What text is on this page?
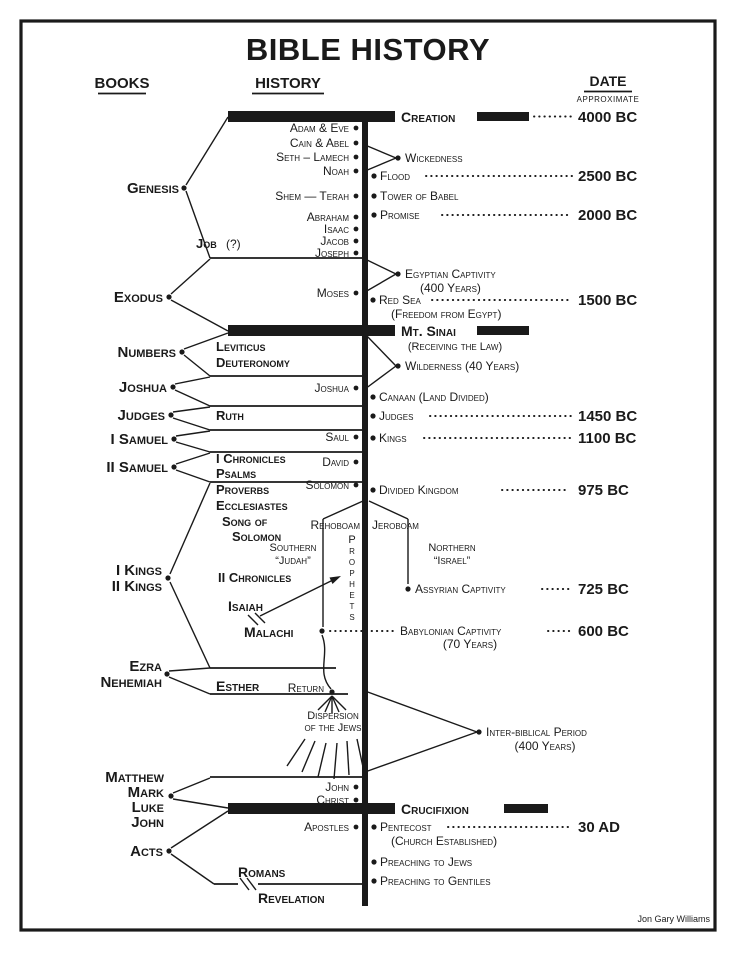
BIBLE HISTORY
BOOKS	HISTORY	DATE
APPROXIMATE
Creation	4000 BC
Mt. Sinai
(Receiving the Law)
Crucifixion
Genesis
Exodus
Numbers
Joshua
Judges
I Samuel
II Samuel
I Kings
II Kings
Ezra
Nehemiah
Matthew
Mark
Luke
John
Acts
Job (?)
Leviticus
Deuteronomy
Ruth
I Chronicles
Psalms
Proverbs
Ecclesiastes
Song of
Solomon
II Chronicles
Isaiah
Malachi
Esther
Romans
Revelation
Adam & Eve
Cain & Abel
Seth – Lamech
Noah
Shem — Terah
Abraham
Isaac
Jacob
Joseph
Moses
Joshua
Saul
David
Solomon
John
Christ
Apostles
Rehoboam Jeroboam
Southern
“Judah”
Northern
“Israel”
P r o p h e t s
Return
Dispersion
of the Jews
Wickedness
Flood	2500 BC
Tower of Babel
Promise	2000 BC
Egyptian Captivity
(400 Years)
Red Sea	1500 BC
(Freedom from Egypt)
Wilderness (40 Years)
Canaan (Land Divided)
Judges	1450 BC
Kings	1100 BC
Divided Kingdom	975 BC
Assyrian Captivity	725 BC
Babylonian Captivity	600 BC
(70 Years)
Inter-biblical Period
(400 Years)
Pentecost	30 AD
(Church Established)
Preaching to Jews
Preaching to Gentiles
Jon Gary Williams
